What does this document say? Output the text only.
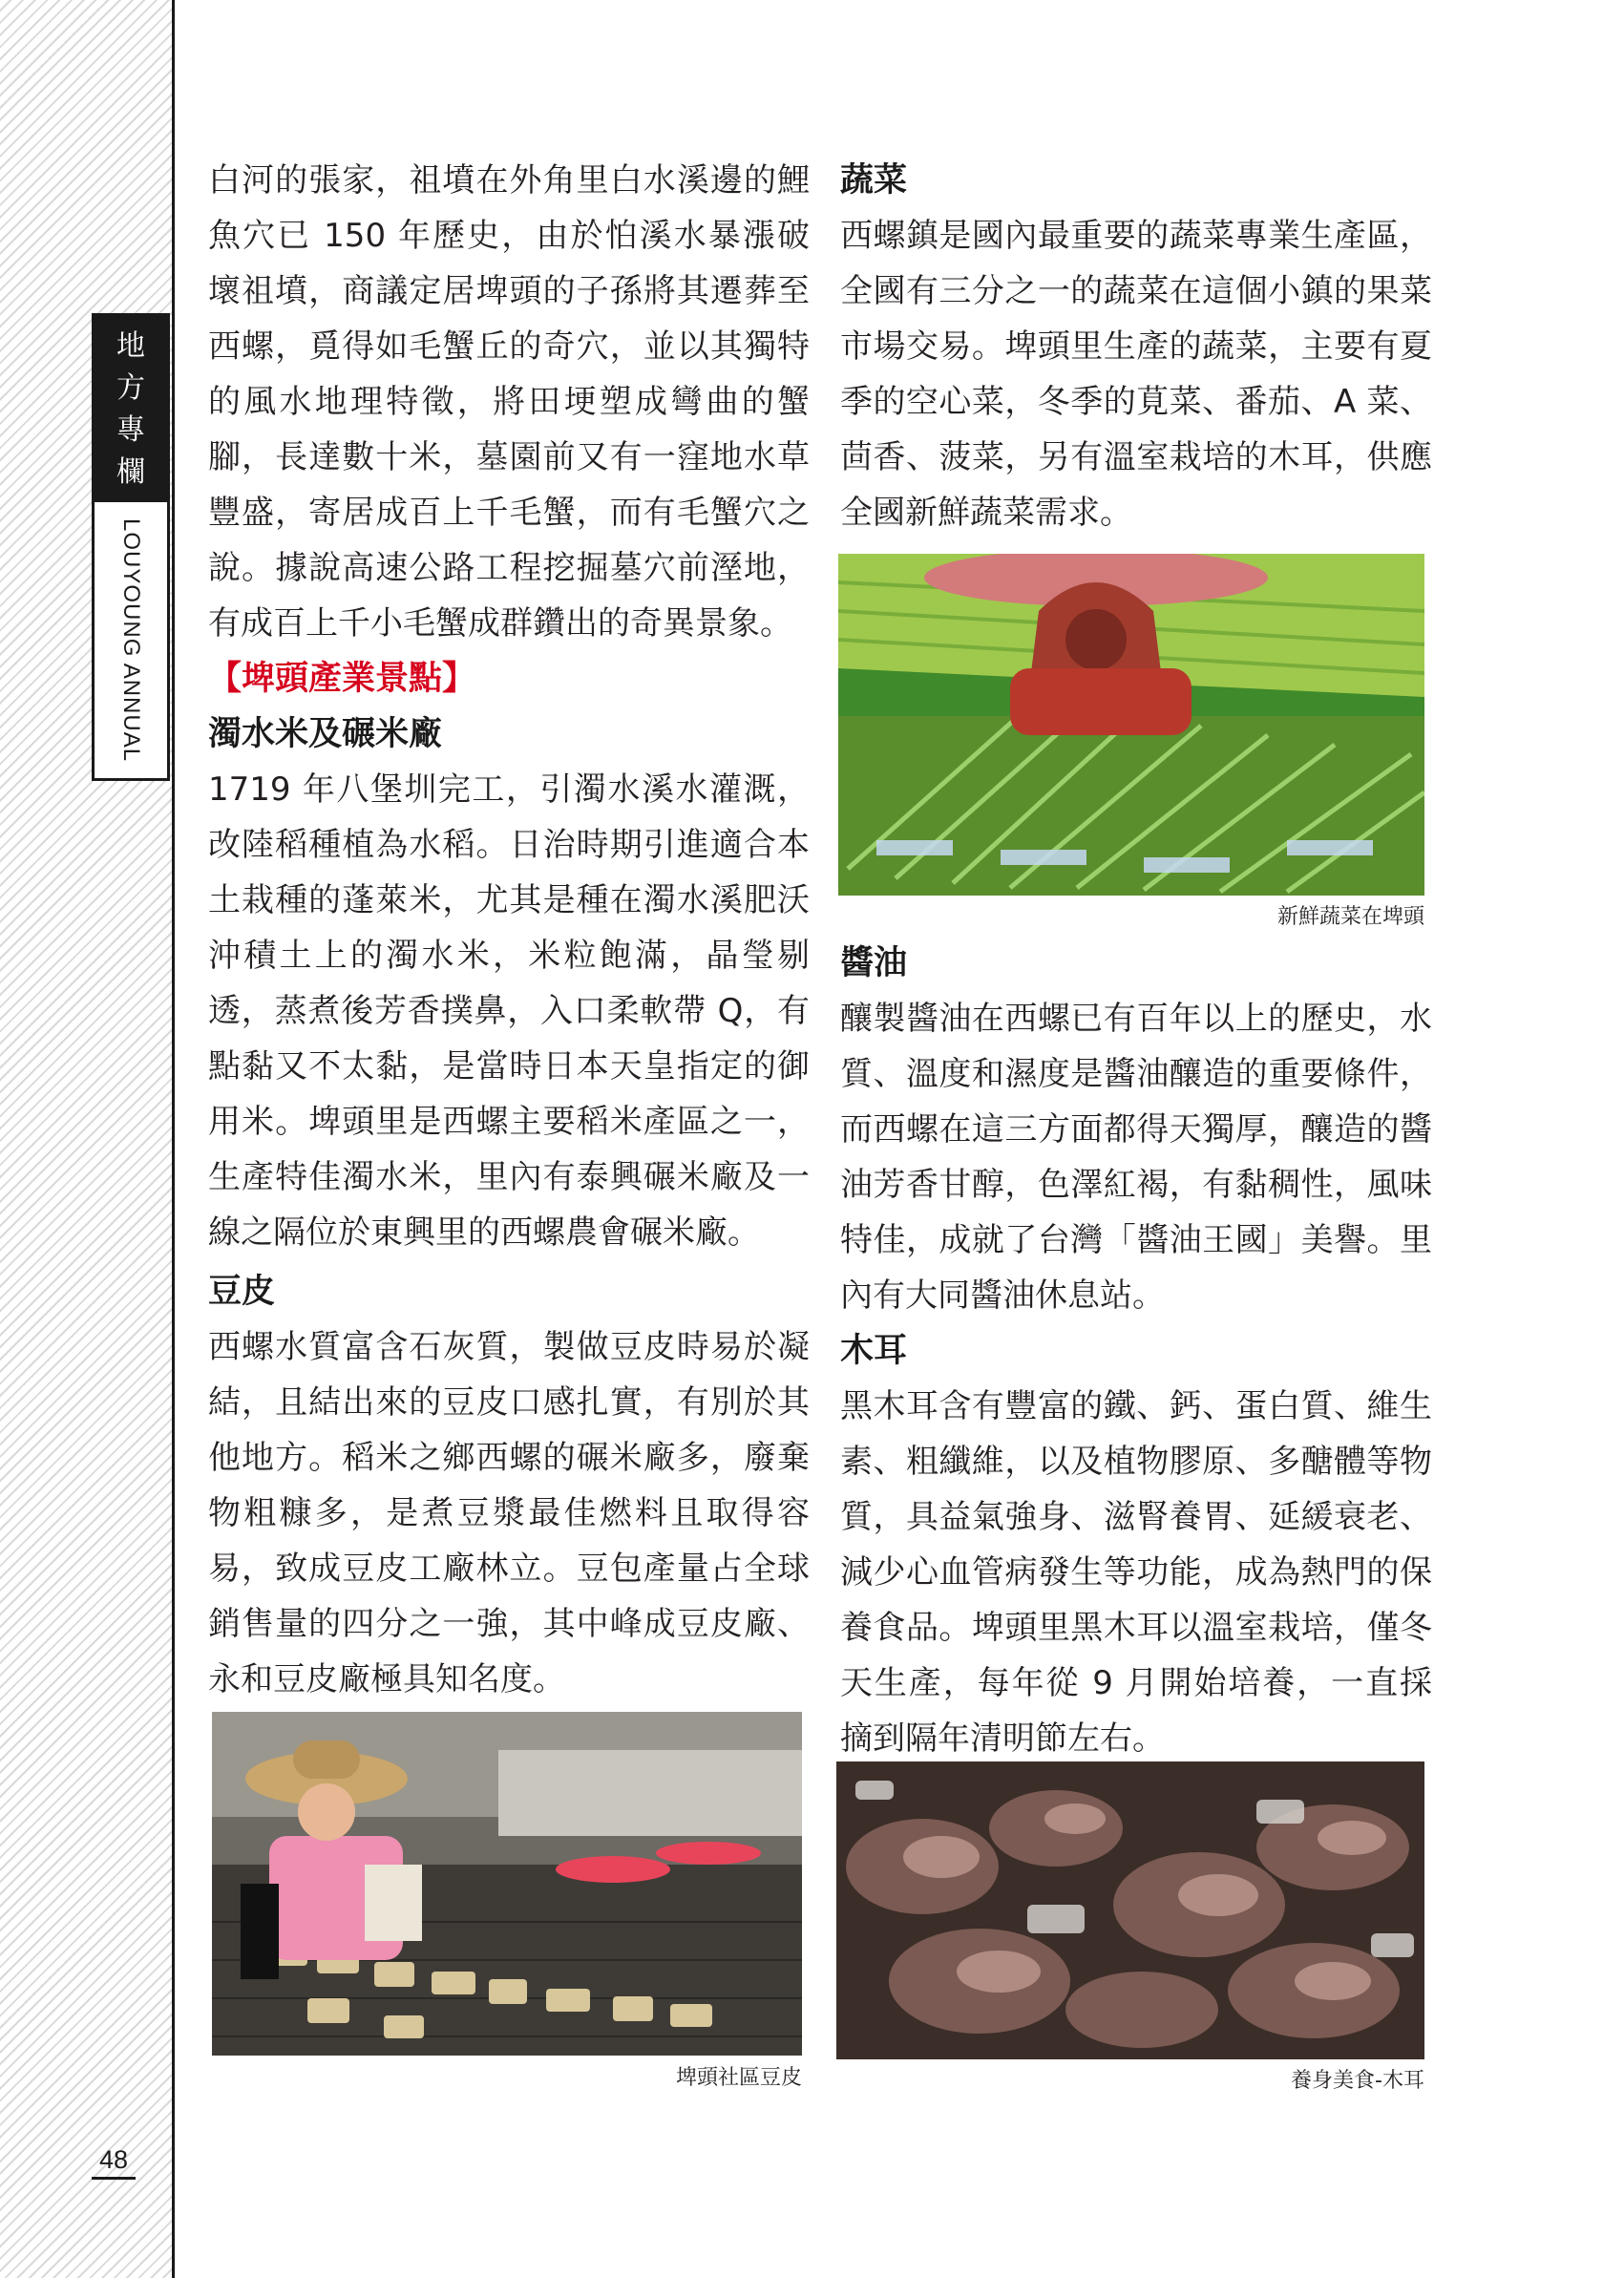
地
方
專
欄
LOUYOUNG ANNUAL
48

白河的張家，祖墳在外角里白水溪邊的鯉魚穴已 150 年歷史，由於怕溪水暴漲破壞祖墳，商議定居埤頭的子孫將其遷葬至西螺，覓得如毛蟹丘的奇穴，並以其獨特的風水地理特徵，將田埂塑成彎曲的蟹腳，長達數十米，墓園前又有一窪地水草豐盛，寄居成百上千毛蟹，而有毛蟹穴之說。據說高速公路工程挖掘墓穴前溼地，有成百上千小毛蟹成群鑽出的奇異景象。

【埤頭產業景點】

濁水米及碾米廠

1719 年八堡圳完工，引濁水溪水灌溉，改陸稻種植為水稻。日治時期引進適合本土栽種的蓬萊米，尤其是種在濁水溪肥沃沖積土上的濁水米，米粒飽滿，晶瑩剔透，蒸煮後芳香撲鼻，入口柔軟帶 Q，有點黏又不太黏，是當時日本天皇指定的御用米。埤頭里是西螺主要稻米產區之一，生產特佳濁水米，里內有泰興碾米廠及一線之隔位於東興里的西螺農會碾米廠。

豆皮

西螺水質富含石灰質，製做豆皮時易於凝結，且結出來的豆皮口感扎實，有別於其他地方。稻米之鄉西螺的碾米廠多，廢棄物粗糠多，是煮豆漿最佳燃料且取得容易，致成豆皮工廠林立。豆包產量占全球銷售量的四分之一強，其中峰成豆皮廠、永和豆皮廠極具知名度。

埤頭社區豆皮

蔬菜

西螺鎮是國內最重要的蔬菜專業生產區，全國有三分之一的蔬菜在這個小鎮的果菜市場交易。埤頭里生產的蔬菜，主要有夏季的空心菜，冬季的莧菜、番茄、A 菜、茴香、菠菜，另有溫室栽培的木耳，供應全國新鮮蔬菜需求。

新鮮蔬菜在埤頭

醬油

釀製醬油在西螺已有百年以上的歷史，水質、溫度和濕度是醬油釀造的重要條件，而西螺在這三方面都得天獨厚，釀造的醬油芳香甘醇，色澤紅褐，有黏稠性，風味特佳，成就了台灣「醬油王國」美譽。里內有大同醬油休息站。

木耳

黑木耳含有豐富的鐵、鈣、蛋白質、維生素、粗纖維，以及植物膠原、多醣體等物質，具益氣強身、滋腎養胃、延緩衰老、減少心血管病發生等功能，成為熱門的保養食品。埤頭里黑木耳以溫室栽培，僅冬天生產，每年從 9 月開始培養，一直採摘到隔年清明節左右。

養身美食-木耳
